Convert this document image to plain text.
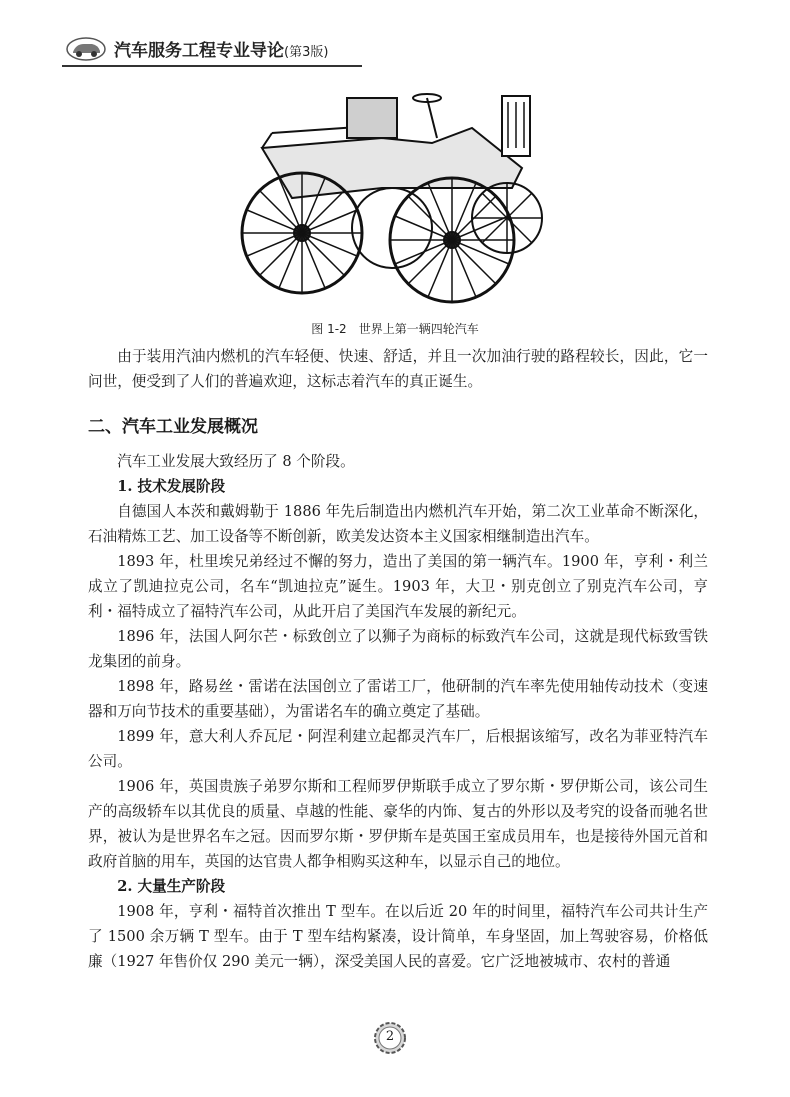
汽车服务工程专业导论(第3版)
图 1-2　世界上第一辆四轮汽车

由于装用汽油内燃机的汽车轻便、快速、舒适，并且一次加油行驶的路程较长，因此，它一问世，便受到了人们的普遍欢迎，这标志着汽车的真正诞生。

二、汽车工业发展概况

汽车工业发展大致经历了 8 个阶段。

1. 技术发展阶段

自德国人本茨和戴姆勒于 1886 年先后制造出内燃机汽车开始，第二次工业革命不断深化，石油精炼工艺、加工设备等不断创新，欧美发达资本主义国家相继制造出汽车。

1893 年，杜里埃兄弟经过不懈的努力，造出了美国的第一辆汽车。1900 年，亨利・利兰成立了凯迪拉克公司，名车“凯迪拉克”诞生。1903 年，大卫・别克创立了别克汽车公司，亨利・福特成立了福特汽车公司，从此开启了美国汽车发展的新纪元。

1896 年，法国人阿尔芒・标致创立了以狮子为商标的标致汽车公司，这就是现代标致雪铁龙集团的前身。

1898 年，路易丝・雷诺在法国创立了雷诺工厂，他研制的汽车率先使用轴传动技术（变速器和万向节技术的重要基础），为雷诺名车的确立奠定了基础。

1899 年，意大利人乔瓦尼・阿涅利建立起都灵汽车厂，后根据该缩写，改名为菲亚特汽车公司。

1906 年，英国贵族子弟罗尔斯和工程师罗伊斯联手成立了罗尔斯・罗伊斯公司，该公司生产的高级轿车以其优良的质量、卓越的性能、豪华的内饰、复古的外形以及考究的设备而驰名世界，被认为是世界名车之冠。因而罗尔斯・罗伊斯车是英国王室成员用车，也是接待外国元首和政府首脑的用车，英国的达官贵人都争相购买这种车，以显示自己的地位。

2. 大量生产阶段

1908 年，亨利・福特首次推出 T 型车。在以后近 20 年的时间里，福特汽车公司共计生产了 1500 余万辆 T 型车。由于 T 型车结构紧凑，设计简单，车身坚固，加上驾驶容易，价格低廉（1927 年售价仅 290 美元一辆），深受美国人民的喜爱。它广泛地被城市、农村的普通

2
